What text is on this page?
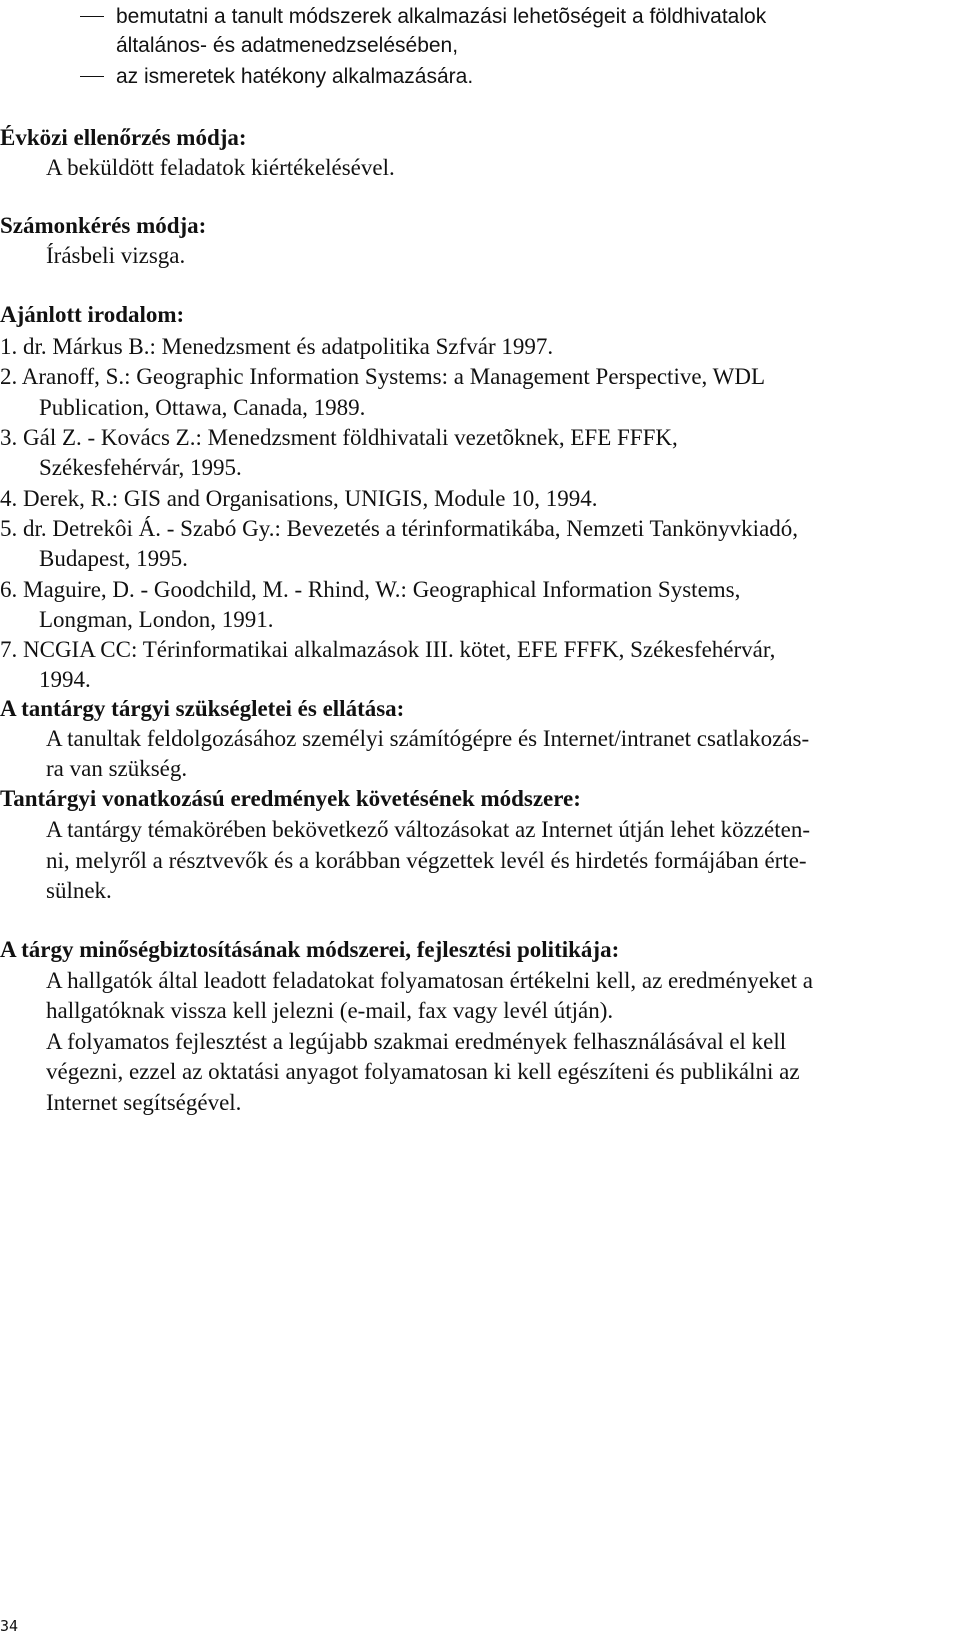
bemutatni a tanult módszerek alkalmazási lehetõségeit a földhivatalok
általános- és adatmenedzselésében,
az ismeretek hatékony alkalmazására.
Évközi ellenőrzés módja:
A beküldött feladatok kiértékelésével.
Számonkérés módja:
Írásbeli vizsga.
Ajánlott irodalom:
1. dr. Márkus B.: Menedzsment és adatpolitika Szfvár 1997.
2. Aranoff, S.: Geographic Information Systems: a Management Perspective, WDL
Publication, Ottawa, Canada, 1989.
3. Gál Z. - Kovács Z.: Menedzsment földhivatali vezetõknek, EFE FFFK,
Székesfehérvár, 1995.
4. Derek, R.: GIS and Organisations, UNIGIS, Module 10, 1994.
5. dr. Detrekôi Á. - Szabó Gy.: Bevezetés a térinformatikába, Nemzeti Tankönyvkiadó,
Budapest, 1995.
6. Maguire, D. - Goodchild, M. - Rhind, W.: Geographical Information Systems,
Longman, London, 1991.
7. NCGIA CC: Térinformatikai alkalmazások III. kötet, EFE FFFK, Székesfehérvár,
1994.
A tantárgy tárgyi szükségletei és ellátása:
A tanultak feldolgozásához személyi számítógépre és Internet/intranet csatlakozás-
ra van szükség.
Tantárgyi vonatkozású eredmények követésének módszere:
A tantárgy témakörében bekövetkező változásokat az Internet útján lehet közzéten-
ni, melyről a résztvevők és a korábban végzettek levél és hirdetés formájában érte-
sülnek.
A tárgy minőségbiztosításának módszerei, fejlesztési politikája:
A hallgatók által leadott feladatokat folyamatosan értékelni kell, az eredményeket a
hallgatóknak vissza kell jelezni (e-mail, fax vagy levél útján).
A folyamatos fejlesztést a legújabb szakmai eredmények felhasználásával el kell
végezni, ezzel az oktatási anyagot folyamatosan ki kell egészíteni és publikálni az
Internet segítségével.
34
